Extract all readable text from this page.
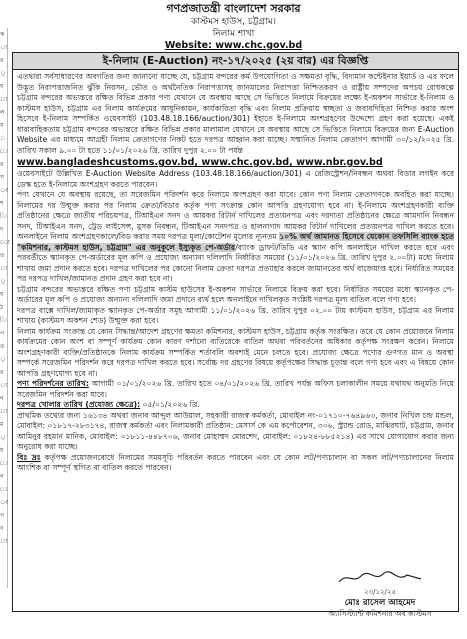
ক
া
র
্
য
া
ল
য
়
ে
র
স
ং
শ
ি
দ
ো
ত
া
্
য
ঠ
ি
প
ত
্
র
া
ন
া
ম
্
য
ে
ন
ে
ং
খ
ব
া
গণপ্রজাতন্ত্রী বাংলাদেশ সরকার
কাস্টমস হাউস, চট্টগ্রাম।
নিলাম শাখা
Website: www.chc.gov.bd
ই-নিলাম (E-Auction) নং-১৭/২০২৫ (২য় বার) এর বিজ্ঞপ্তি

এতদ্বারা সর্বসাধারণের অবগতির জন্য জানানো যাচ্ছে যে, চট্টগ্রাম বন্দরের কর্ম উপযোগিতা ও সক্ষমতা বৃদ্ধি, বিদ্যমান কন্টেইনার ইয়ার্ড ও এর ফলে উদ্ভূত নিরাপত্তাজনিত ঝুঁকি নিরসন, ভৌত ও অর্থনৈতিক নিরাপত্তাসহ জানমালের নিরাপত্তা নিশ্চিতকরণ ও রাষ্ট্রীয় সম্পদের অপচয় রোধকল্পে চট্টগ্রাম বন্দরের অভ্যন্তরে রক্ষিত বিভিন্ন প্রকার পণ্য যেখানে যে অবস্থায় আছে সে ভিত্তিতে নিলামে বিক্রয়ের লক্ষ্যে ই-অকশন সার্ভারে ই-নিলাম ও কাস্টমস হাউস, চট্টগ্রাম এর নিলাম কার্যক্রমের আধুনিকায়ন, কার্যকারিতা বৃদ্ধি এবং নিলাম প্রক্রিয়ায় স্বচ্ছতা ও জবাবদিহিতা নিশ্চিত করার অংশ হিসেবে ই-নিলাম সম্পর্কিত ওয়েবসাইট (103.48.18.166/auction/301) ইহাতে ই-নিলামে অংশগ্রহণের উদ্দেশ্যে গ্রহণ করা হয়েছে। একই ধারাবাহিকতায় চট্টগ্রাম বন্দরের অভ্যন্তরে রক্ষিত বিভিন্ন প্রকার মালামাল যেখানে যে অবস্থায় আছে সে ভিত্তিতে নিলামে বিক্রয়ের জন্য E-Auction Website এর মাধ্যমে আগ্রহী নিলাম ক্রেতাগণের নিকট হতে দরপত্র আহ্বান করা যাচ্ছে। সম্মানিত নিলাম ক্রেতাগণ আগামী ৩০/১২/২০২৫ খ্রি. তারিখ সকাল ৯.০০ টা হতে ১১/০১/২০২৬ খ্রি. তারিখ দুপুর ২.০০ টা পর্যন্ত

www.bangladeshcustoms.gov.bd, www.chc.gov.bd, www.nbr.gov.bd

ওয়েবসাইটে উল্লিখিত E-Auction Website Address (103.48.18.166/auction/301) এ রেজিস্ট্রেশন/নিবন্ধন অথবা বিডার লগইন করে ডেস্ক হতে ই-নিলামে অংশগ্রহণ করতে পারবেন।

পণ্য যেখানে যে অবস্থায় রয়েছে, তা সরেজমিন পরিদর্শন করে নিলামে অংশগ্রহণ করা যাবে। কোন পণ্য নিলাম ক্রেতাগণকে অবহিত করা যাচ্ছে। নিলামের দর উন্মুক্ত করার পর নিলাম ক্রেতা/বিডার কর্তৃক পণ্য সংক্রান্ত কোন আপত্তি গ্রহণযোগ্য হবে না। ই-নিলামে অংশগ্রহণকারী ব্যক্তি প্রতিষ্ঠানের ক্ষেত্রে জাতীয় পরিচয়পত্র, টিআইএন সনদ ও আয়কর রিটার্ন দাখিলের প্রত্যয়নপত্র এবং দরদাতা প্রতিষ্ঠানের ক্ষেত্রে আমদানি নিবন্ধন সনদ, টিআইএন সনদ, ট্রেড লাইসেন্স, মুসক নিবন্ধন, টিআইএন সনদপত্র ও হালনাগাদ আয়কর রিটার্ন দাখিলের প্রত্যয়নপত্র দাখিল করতে হবে। অনলাইনে নিলাম অংশগ্রহণকালে/বিড করার সময় দরপত্র মূল্য/কোটেশন মূল্যের ন্যূনতম ১০% অর্থ জামানত হিসেবে যেকোন তফসিলি ব্যাংক হতে "কমিশনার, কাস্টমস হাউস, চট্টগ্রাম" এর অনুকূলে ইস্যুকৃত পে-অর্ডার/ব্যাংক ড্রাফট/ডিডি এর স্ক্যান কপি অনলাইনে দাখিল করতে হবে এবং পরবর্তীতে স্ক্যানকৃত পে-অর্ডারের মূল কপি ও প্রযোজ্য অন্যান্য দলিলাদি নির্ধারিত সময়ের (১১/০১/২০২৬ খ্রি. তারিখ দুপুর ২.০০টা) মধ্যে নিলাম শাখায় জমা প্রদান করতে হবে। দরপত্র দাখিলের পর কোনো নিলাম ক্রেতা দরপত্র প্রত্যাহার করলে জামানতের অর্থ বাজেয়াপ্ত হবে। নির্ধারিত সময়ের পর দরপত্র দাখিল/জামানত প্রদান গ্রহণ করা হবে না।

চট্টগ্রাম বন্দরের অভ্যন্তরে রক্ষিত পণ্য চট্টগ্রাম কাস্টম হাউসের ই-অকশন সার্ভারে নিলামে বিক্রয় করা হবে। নির্ধারিত সময়ের মধ্যে স্ক্যানকৃত পে-অর্ডারের মূল কপি ও প্রযোজ্য অন্যান্য দলিলাদি জমা প্রদানে ব্যর্থ হলে অনলাইনে দাখিলকৃত সংশ্লিষ্ট দরপত্র মূল্য বাতিল বলে গণ্য হবে।

দরপত্র বাক্সে দাখিল/জামাকৃত স্ক্যানকৃত পে-অর্ডার সমূহ আগামী ১১/০১/২০২৬ খ্রি. তারিখ দুপুর ০২.০০ টায় কাস্টমস হাউস, চট্টগ্রাম এর নিলাম শাখায় (কাস্টমস অকশন শেড) উন্মুক্ত করা হবে।

নিলাম কার্যক্রম সংক্রান্ত যে কোন সিদ্ধান্ত/আদেশ গ্রহণের ক্ষমতা কমিশনার, কাস্টমস হাউস, চট্টগ্রাম কর্তৃক সংরক্ষিত। তবে যে কোন প্রয়োজনে নিলাম কার্যক্রমের কোন অংশ বা সম্পূর্ণ কার্যক্রম কোন কারণ দর্শানো ব্যতিরেকে বাতিল অথবা পরিবর্তনের অধিকার কর্তৃপক্ষ সংরক্ষণ করেন। নিলামে অংশগ্রহণকারী ব্যক্তি/প্রতিষ্ঠানকে নিলাম কার্যক্রম সম্পর্কিত শর্তাবলি অবশ্যই মেনে চলতে হবে। প্রযোজ্য ক্ষেত্রে পণ্যের গুণগত মান ও অবস্থা সম্পর্কে সরেজমিন পরিদর্শন করে দরপত্র দাখিল করতে হবে। সর্বোচ্চ দর গ্রহণের বিষয়ে কর্তৃপক্ষের সিদ্ধান্ত চূড়ান্ত বলে গণ্য হবে এবং এ বিষয়ে কোন আপত্তি গ্রহণযোগ্য হবে না।

পণ্য পরিদর্শনের তারিখ: আগামী ০১/০১/২০২৬ খ্রি. তারিখ হতে ০৪/০১/২০২৬ খ্রি. তারিখ পর্যন্ত অফিস চলাকালীন সময়ে যথাযথ অনুমতি নিয়ে সরেজমিন পরিদর্শন করা যাবে।

দরপত্র খোলার তারিখ (প্রযোজ্য ক্ষেত্রে): ০৫/০১/২০২৬ খ্রি.

প্রাথমিক তথ্যের জন্য ১৬১৩৪ অথবা জনাব আব্দুল আউয়াল, সহকারী রাজস্ব কর্মকর্তা, মোবাইল নং-০১৭১০-৭৬৪৯৬৩, জনাব নিখিল চন্দ্র মন্ডল, মোবাইল: ০১৮১৭-২৮৩১৭৪, রাজস্ব কর্মকর্তা এবং নিলামকারী প্রতিষ্ঠান: মেসার্স কে এম কর্পোরেশন, ৩০৬, স্ট্র্যান্ড রোড, মাঝিরঘাট, চট্টগ্রাম, জনাব আমিনুর রহমান মানিক, মোবাইল: ০১৮১১-৪৪৮৭০৬, জনাব মোহাম্মদ মোরশেদ, মোবাইল: ০১৮২৪-৮৮৫২১৪) এর সাথে যোগাযোগ করার জন্য অনুরোধ করা যাচ্ছে।

বিঃ দ্রঃ কর্তৃপক্ষ প্রয়োজনবোধে নিলামের সময়সূচি পরিবর্তন করতে পারবেন এবং যে কোন লট/পণ্যচালান বা সকল লট/পণ্যচালানের নিলাম আংশিক বা সম্পূর্ণ স্থগিত বা বাতিল করতে পারবেন।

২৩/১২/২৫
মোঃ রাসেল আহমেদ
অ্যাসিস্ট্যান্ট কমিশনার অব কাস্টমস
